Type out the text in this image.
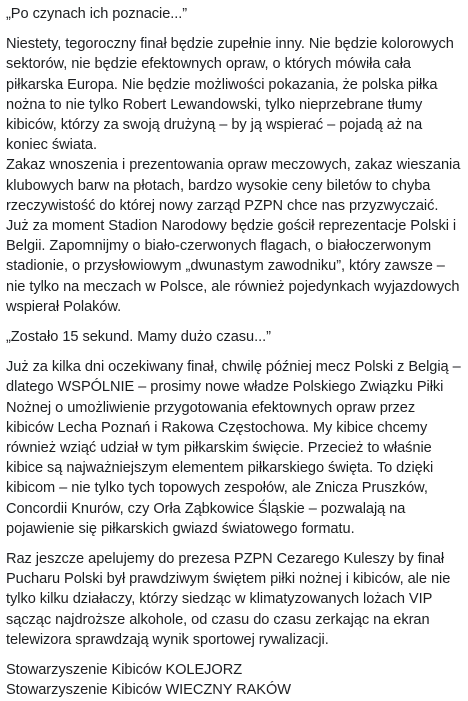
„Po czynach ich poznacie...”

Niestety, tegoroczny finał będzie zupełnie inny. Nie będzie kolorowych sektorów, nie będzie efektownych opraw, o których mówiła cała piłkarska Europa. Nie będzie możliwości pokazania, że polska piłka nożna to nie tylko Robert Lewandowski, tylko nieprzebrane tłumy kibiców, którzy za swoją drużyną – by ją wspierać – pojadą aż na koniec świata.

Zakaz wnoszenia i prezentowania opraw meczowych, zakaz wieszania klubowych barw na płotach, bardzo wysokie ceny biletów to chyba rzeczywistość do której nowy zarząd PZPN chce nas przyzwyczaić. Już za moment Stadion Narodowy będzie gościł reprezentacje Polski i Belgii. Zapomnijmy o biało-czerwonych flagach, o białoczerwonym stadionie, o przysłowiowym „dwunastym zawodniku”, który zawsze – nie tylko na meczach w Polsce, ale również pojedynkach wyjazdowych wspierał Polaków.

„Zostało 15 sekund. Mamy dużo czasu...”

Już za kilka dni oczekiwany finał, chwilę później mecz Polski z Belgią – dlatego WSPÓLNIE – prosimy nowe władze Polskiego Związku Piłki Nożnej o umożliwienie przygotowania efektownych opraw przez kibiców Lecha Poznań i Rakowa Częstochowa. My kibice chcemy również wziąć udział w tym piłkarskim święcie. Przecież to właśnie kibice są najważniejszym elementem piłkarskiego święta. To dzięki kibicom – nie tylko tych topowych zespołów, ale Znicza Pruszków, Concordii Knurów, czy Orła Ząbkowice Śląskie – pozwalają na pojawienie się piłkarskich gwiazd światowego formatu.

Raz jeszcze apelujemy do prezesa PZPN Cezarego Kuleszy by finał Pucharu Polski był prawdziwym świętem piłki nożnej i kibiców, ale nie tylko kilku działaczy, którzy siedząc w klimatyzowanych lożach VIP sącząc najdroższe alkohole, od czasu do czasu zerkając na ekran telewizora sprawdzają wynik sportowej rywalizacji.

Stowarzyszenie Kibiców KOLEJORZ

Stowarzyszenie Kibiców WIECZNY RAKÓW
